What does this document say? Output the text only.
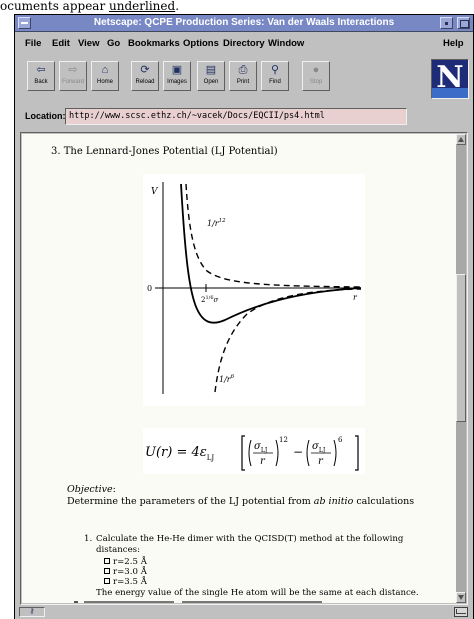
ocuments appear underlined.
Netscape: QCPE Production Series: Van der Waals Interactions
File Edit View Go Bookmarks Options Directory Window	Help
⇦
Back
⇨
Forward
⌂
Home
⟳
Reload
▣
Images
▤
Open
⎙
Print
⚲
Find
●
Stop	N
Location: http://www.scsc.ethz.ch/~vacek/Docs/EQCII/ps4.html
3. The Lennard-Jones Potential (LJ Potential)
V
0
r
$1/r^{12}$
$1/r^6$
$2^{1/6}\sigma$
$U(r) = 4\varepsilon_{LJ}$
$\sigma_{LJ}$
r
12
− $\sigma_{LJ}$
r
6
Objective:
Determine the parameters of the LJ potential from ab initio calculations
1. Calculate the He-He dimer with the QCISD(T) method at the following distances:
r=2.5 Å
r=3.0 Å
r=3.5 Å
The energy value of the single He atom will be the same at each distance.
⚷
